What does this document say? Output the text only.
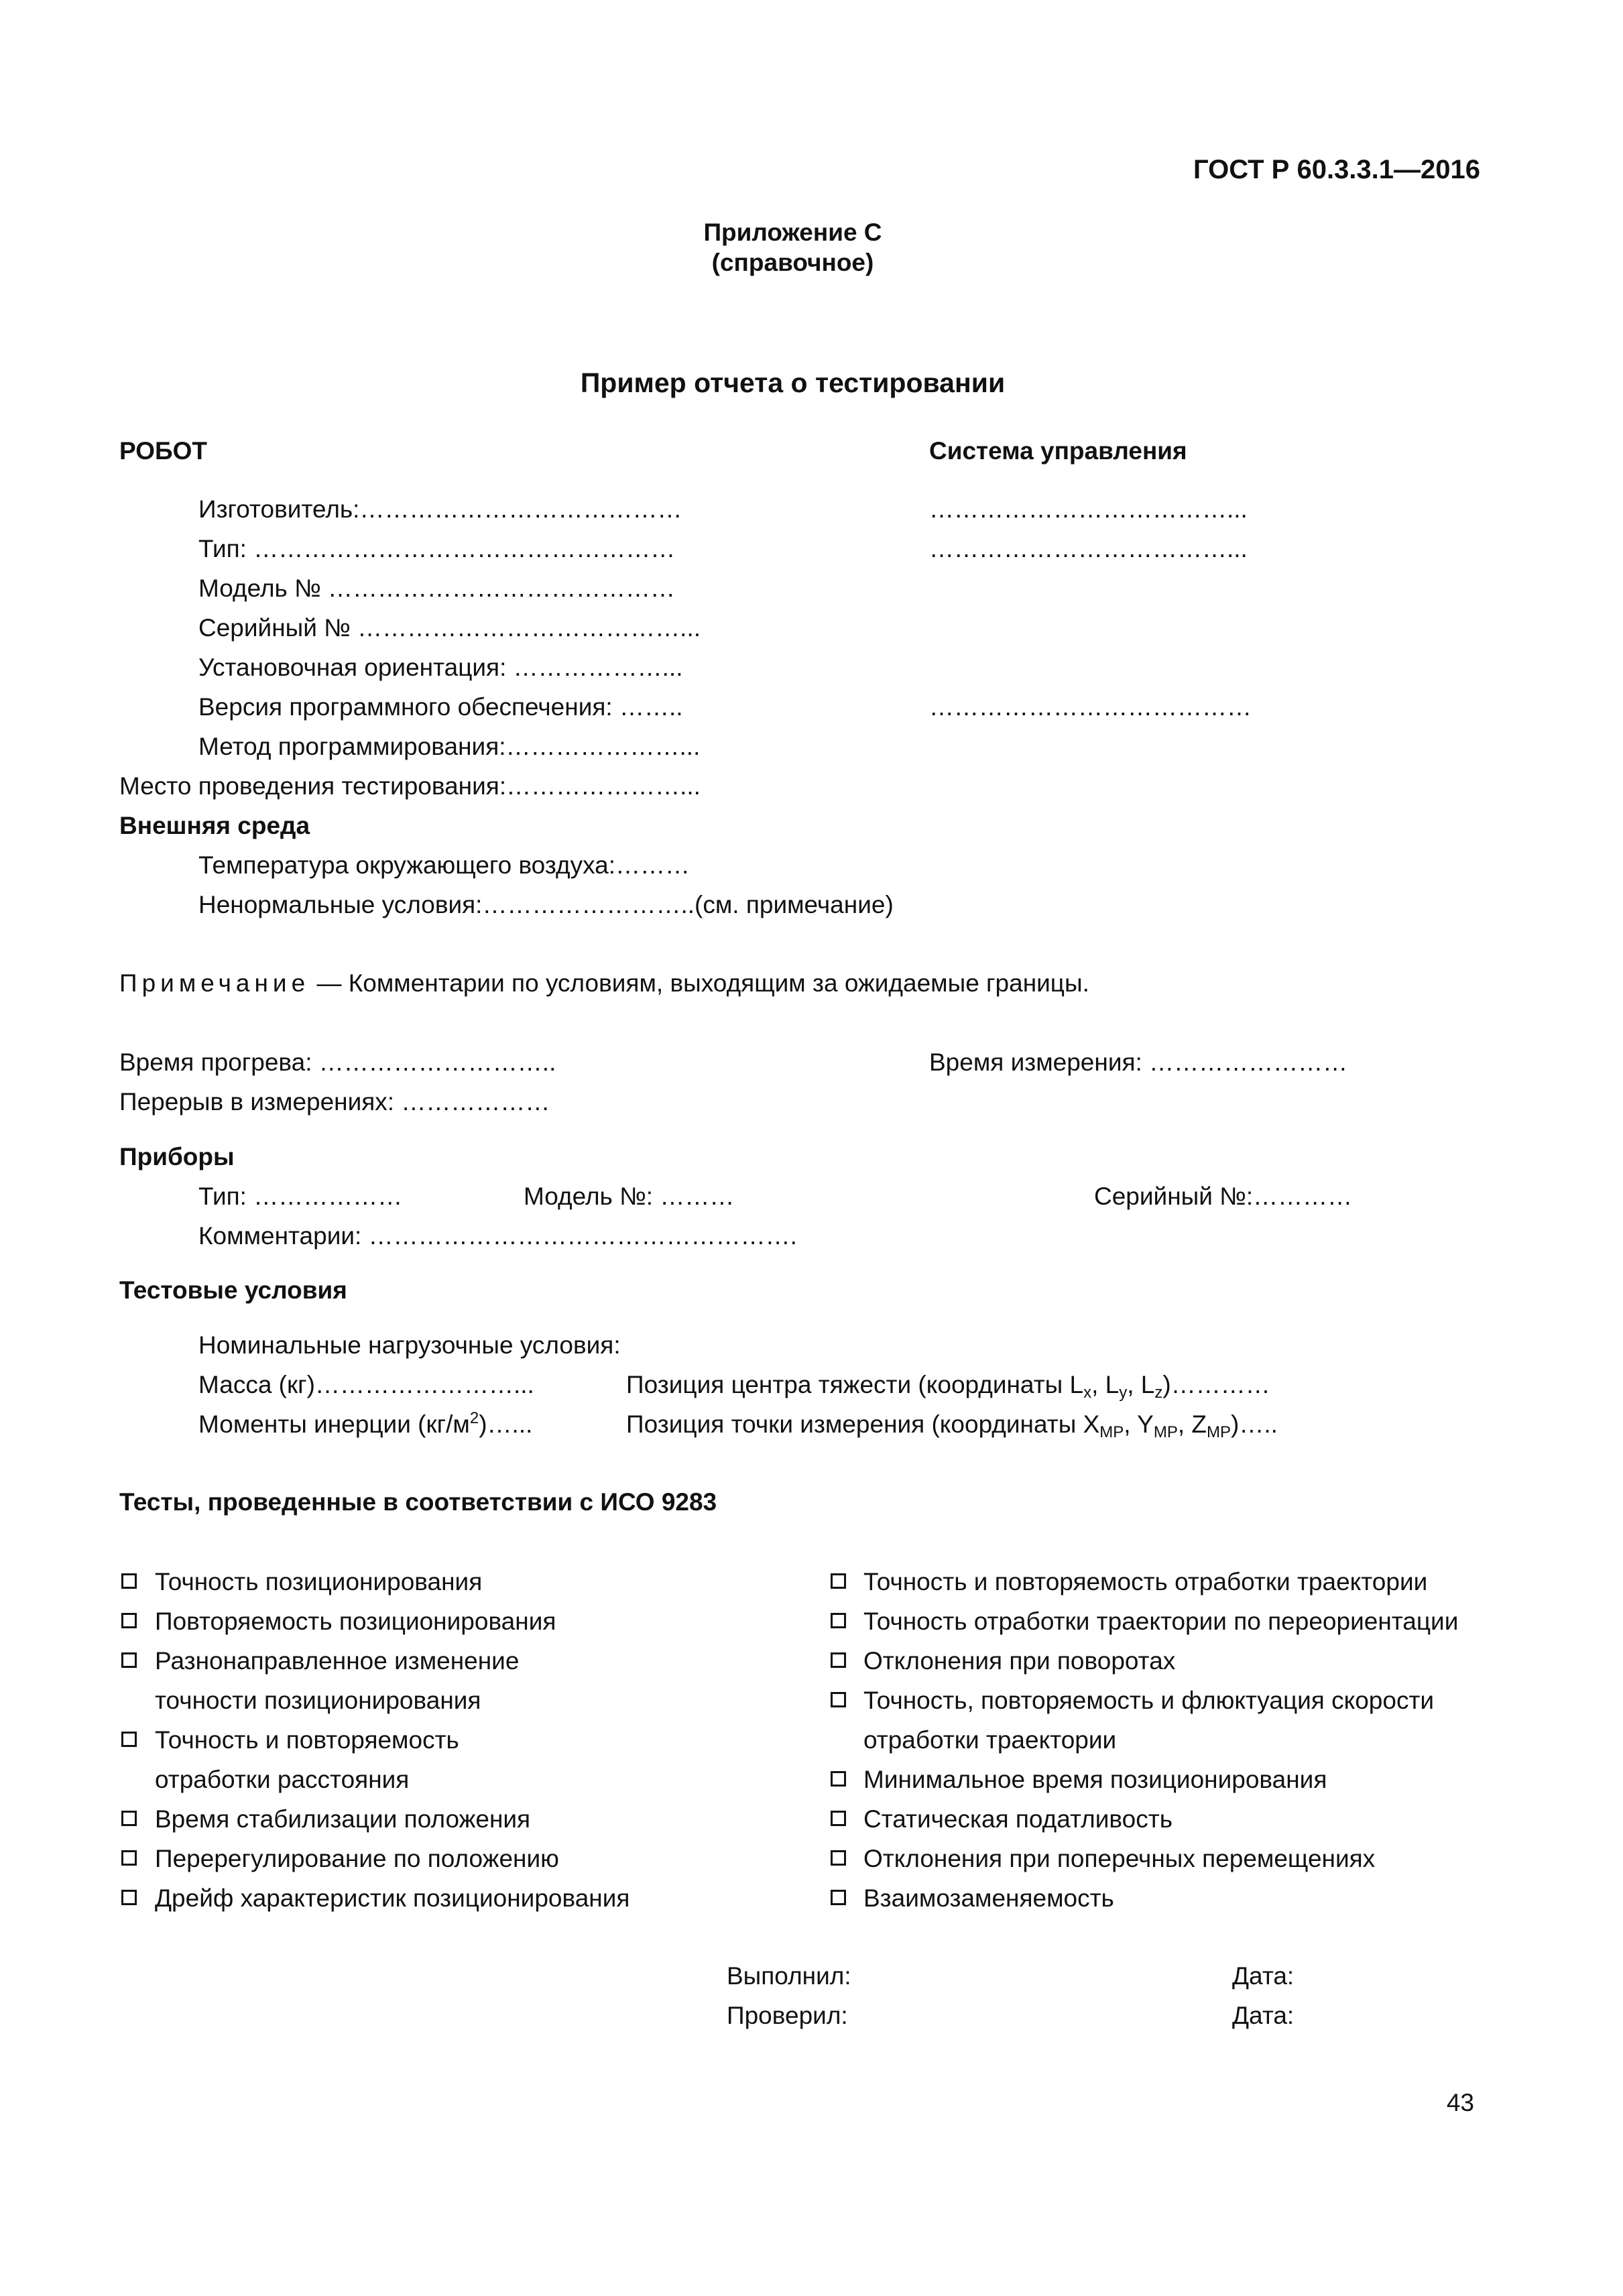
ГОСТ Р 60.3.3.1—2016
Приложение С
(справочное)
Пример отчета о тестировании
РОБОТ	Система управления
Изготовитель:…………………………………	………………………………...
Тип: ……………………………………………	………………………………...
Модель № ……………………………………
Серийный № …………………………………...
Установочная ориентация: ………………...
Версия программного обеспечения: ……..	…………………………………
Метод программирования:…………………...
Место проведения тестирования:…………………...
Внешняя среда
Температура окружающего воздуха:………
Ненормальные условия:……………………..(см. примечание)
Примечание — Комментарии по условиям, выходящим за ожидаемые границы.
Время прогрева: ………………………..	Время измерения: ……………………
Перерыв в измерениях: ………………
Приборы
Тип: ………………	Модель №: ………	Серийный №:…………
Комментарии: …………………………………………….
Тестовые условия
Номинальные нагрузочные условия:
Масса (кг)……………………...	Позиция центра тяжести (координаты $L_x$, $L_y$, $L_z)\dots\dots\dots\dots$
Моменты инерции $(кг/м^2)\dots$...	Позиция точки измерения (координаты $X_{MP}$, $Y_{MP}$, $Z_{MP})\dots$..
Тесты, проведенные в соответствии с ИСО 9283
Точность позиционирования
Повторяемость позиционирования
Разнонаправленное изменение
точности позиционирования
Точность и повторяемость
отработки расстояния
Время стабилизации положения
Перерегулирование по положению
Дрейф характеристик позиционирования
Точность и повторяемость отработки траектории
Точность отработки траектории по переориентации
Отклонения при поворотах
Точность, повторяемость и флюктуация скорости
отработки траектории
Минимальное время позиционирования
Статическая податливость
Отклонения при поперечных перемещениях
Взаимозаменяемость
Выполнил:	Дата:
Проверил:	Дата:
43
